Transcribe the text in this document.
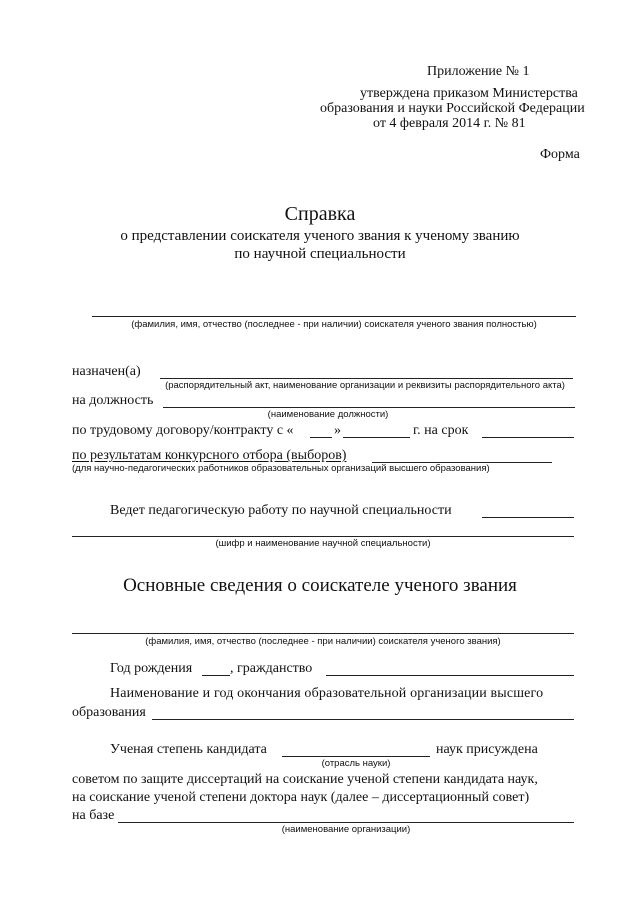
Приложение № 1
утверждена приказом Министерства
образования и науки Российской Федерации
от 4 февраля 2014 г. № 81
Форма
Справка
о представлении соискателя ученого звания к ученому званию
по научной специальности
(фамилия, имя, отчество (последнее - при наличии) соискателя ученого звания полностью)
назначен(а)
(распорядительный акт, наименование организации и реквизиты распорядительного акта)
на должность
(наименование должности)
по трудовому договору/контракту с «	»	г. на срок
по результатам конкурсного отбора (выборов)
(для научно-педагогических работников образовательных организаций высшего образования)
Ведет педагогическую работу по научной специальности
(шифр и наименование научной специальности)
Основные сведения о соискателе ученого звания
(фамилия, имя, отчество (последнее - при наличии) соискателя ученого звания)
Год рождения	, гражданство
Наименование и год окончания образовательной организации высшего
образования
Ученая степень кандидата	наук присуждена
(отрасль науки)
советом по защите диссертаций на соискание ученой степени кандидата наук,
на соискание ученой степени доктора наук (далее – диссертационный совет)
на базе
(наименование организации)
